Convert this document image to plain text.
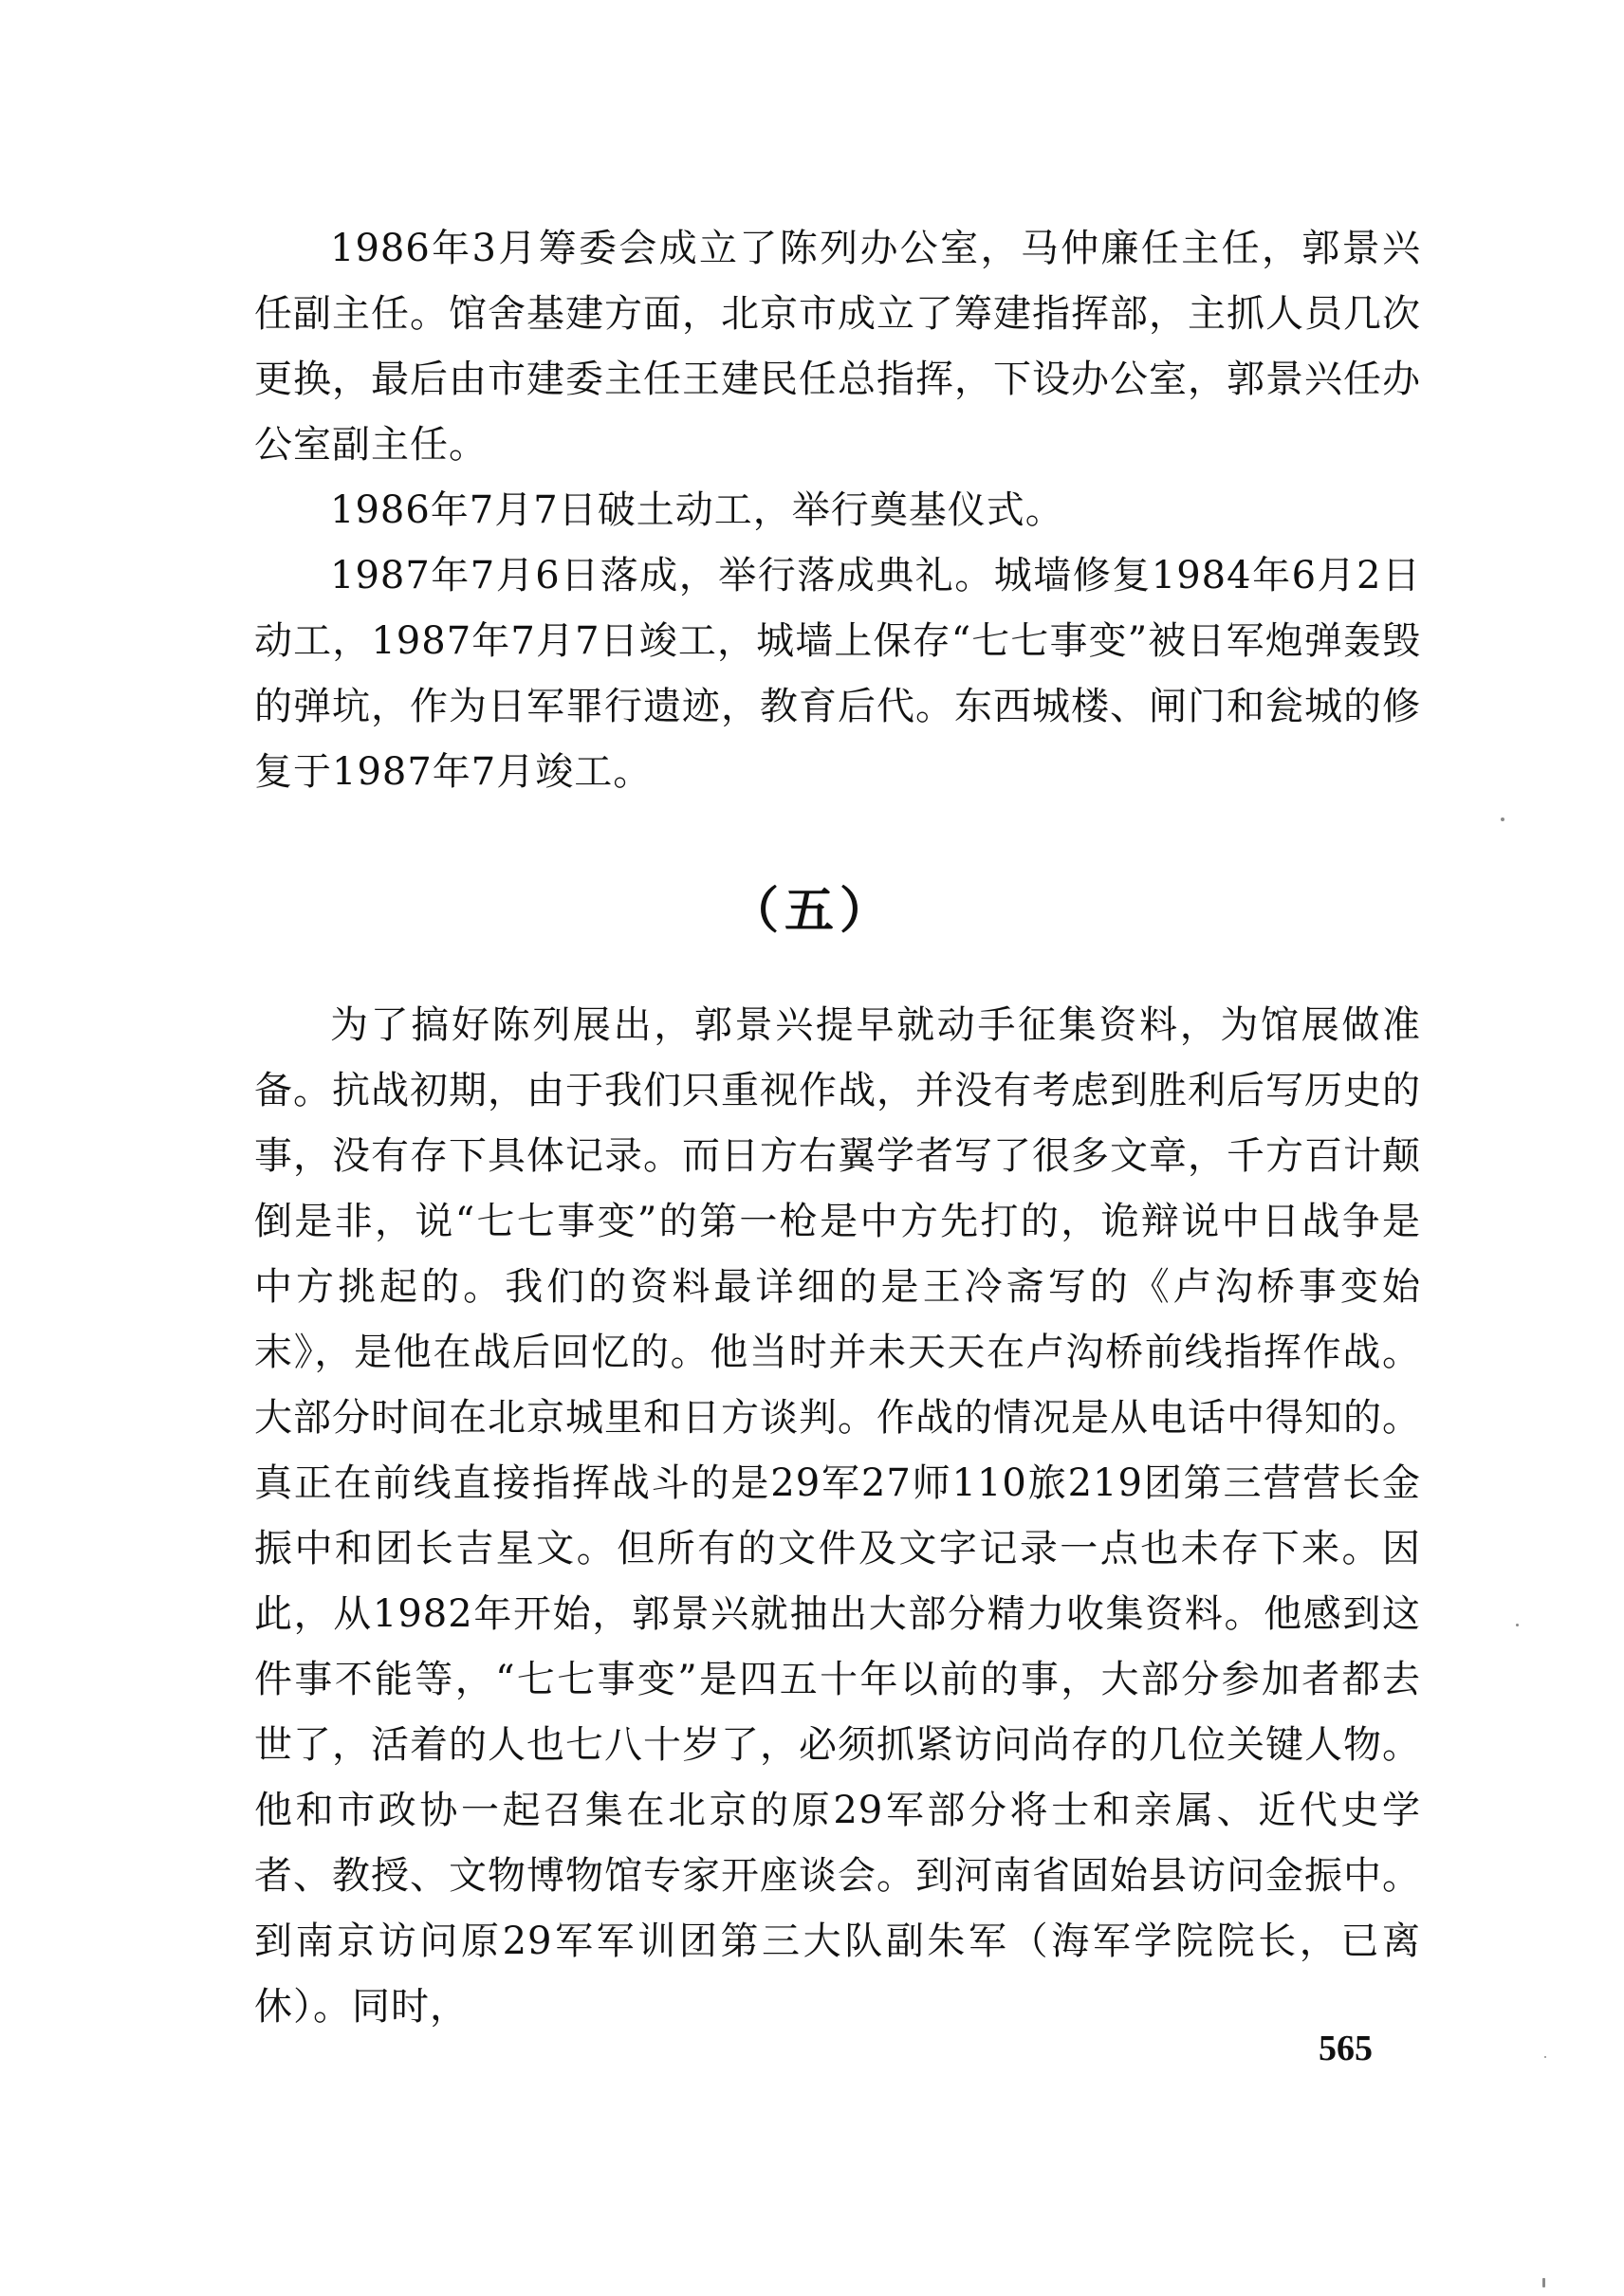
1986年3月筹委会成立了陈列办公室，马仲廉任主任，郭景兴任副主任。馆舍基建方面，北京市成立了筹建指挥部，主抓人员几次更换，最后由市建委主任王建民任总指挥，下设办公室，郭景兴任办公室副主任。

1986年7月7日破土动工，举行奠基仪式。

1987年7月6日落成，举行落成典礼。城墙修复1984年6月2日动工，1987年7月7日竣工，城墙上保存“七七事变”被日军炮弹轰毁的弹坑，作为日军罪行遗迹，教育后代。东西城楼、闸门和瓮城的修复于1987年7月竣工。

（五）

为了搞好陈列展出，郭景兴提早就动手征集资料，为馆展做准备。抗战初期，由于我们只重视作战，并没有考虑到胜利后写历史的事，没有存下具体记录。而日方右翼学者写了很多文章，千方百计颠倒是非，说“七七事变”的第一枪是中方先打的，诡辩说中日战争是中方挑起的。我们的资料最详细的是王冷斋写的《卢沟桥事变始末》，是他在战后回忆的。他当时并未天天在卢沟桥前线指挥作战。大部分时间在北京城里和日方谈判。作战的情况是从电话中得知的。真正在前线直接指挥战斗的是29军27师110旅219团第三营营长金振中和团长吉星文。但所有的文件及文字记录一点也未存下来。因此，从1982年开始，郭景兴就抽出大部分精力收集资料。他感到这件事不能等，“七七事变”是四五十年以前的事，大部分参加者都去世了，活着的人也七八十岁了，必须抓紧访问尚存的几位关键人物。他和市政协一起召集在北京的原29军部分将士和亲属、近代史学者、教授、文物博物馆专家开座谈会。到河南省固始县访问金振中。到南京访问原29军军训团第三大队副朱军（海军学院院长，已离休）。同时，

565
